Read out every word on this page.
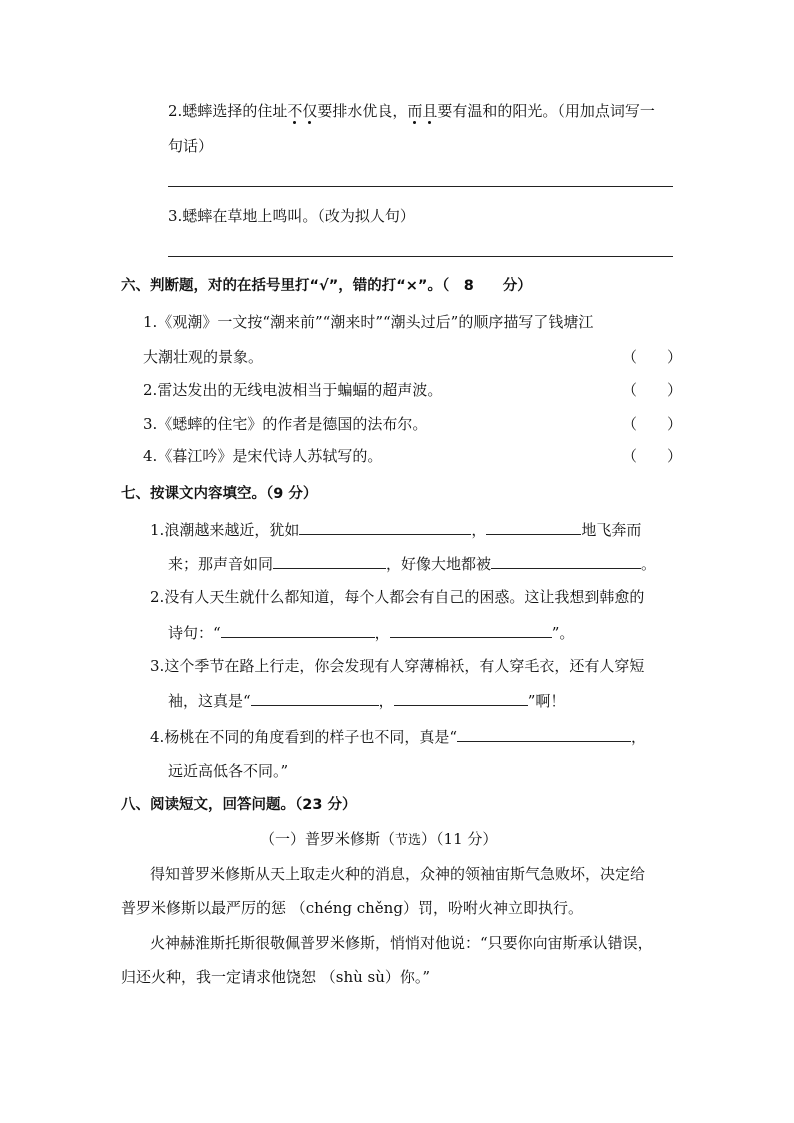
2.蟋蟀选择的住址不仅要排水优良，而且要有温和的阳光。（用加点词写一
句话）
3.蟋蟀在草地上鸣叫。（改为拟人句）
六、判断题，对的在括号里打“√”，错的打“×”。（　8　　分）
1.《观潮》一文按“潮来前”“潮来时”“潮头过后”的顺序描写了钱塘江
大潮壮观的景象。	（　　）
2.雷达发出的无线电波相当于蝙蝠的超声波。	（　　）
3.《蟋蟀的住宅》的作者是德国的法布尔。	（　　）
4.《暮江吟》是宋代诗人苏轼写的。	（　　）
七、按课文内容填空。（9 分）
1.浪潮越来越近，犹如	，	地飞奔而
来；那声音如同	，好像大地都被	。
2.没有人天生就什么都知道，每个人都会有自己的困惑。这让我想到韩愈的
诗句：“	，	”。
3.这个季节在路上行走，你会发现有人穿薄棉袄，有人穿毛衣，还有人穿短
袖，这真是“	，	”啊！
4.杨桃在不同的角度看到的样子也不同，真是“	，
远近高低各不同。”
八、阅读短文，回答问题。（23 分）
（一）普罗米修斯（节选）（11 分）
得知普罗米修斯从天上取走火种的消息，众神的领袖宙斯气急败坏，决定给
普罗米修斯以最严厉的惩 （chéng chěng）罚，吩咐火神立即执行。
火神赫淮斯托斯很敬佩普罗米修斯，悄悄对他说：“只要你向宙斯承认错误，
归还火种，我一定请求他饶恕 （shù sù）你。”
